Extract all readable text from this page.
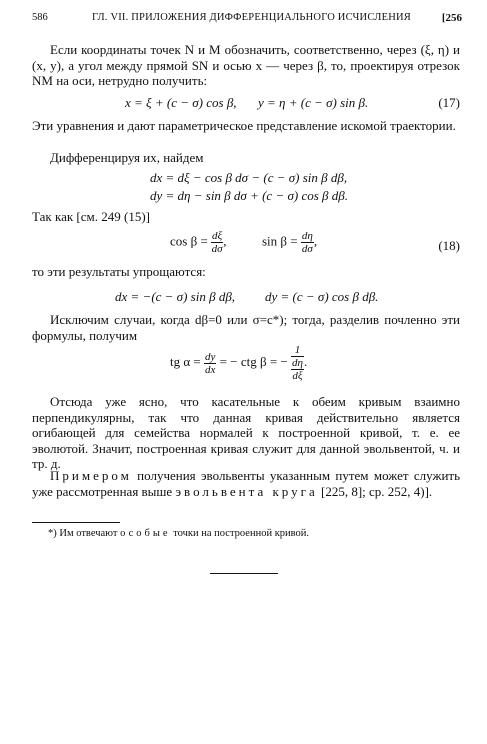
586	ГЛ. VII. ПРИЛОЖЕНИЯ ДИФФЕРЕНЦИАЛЬНОГО ИСЧИСЛЕНИЯ	[256

Если координаты точек N и M обозначить, соответственно, через (ξ, η) и (x, y), а угол между прямой SN и осью x — через β, то, проектируя отрезок NM на оси, нетрудно получить:

x = ξ + (c − σ) cos β, y = η + (c − σ) sin β.	(17)

Эти уравнения и дают параметрическое представление искомой траектории.

Дифференцируя их, найдем

dx = dξ − cos β dσ − (c − σ) sin β dβ,
dy = dη − sin β dσ + (c − σ) cos β dβ.

Так как [см. 249 (15)]

$\cos \beta = \frac{d\xi}{d\sigma}$ ,	$\sin \beta = \frac{d\eta}{d\sigma}$ ,	(18)

то эти результаты упрощаются:

dx = −(c − σ) sin β dβ, dy = (c − σ) cos β dβ.

Исключим случаи, когда dβ=0 или σ=c*); тогда, разделив почленно эти формулы, получим

tg $\alpha = \frac{dy}{dx}$ = − ctg β = − $\frac{1}{\frac{d\eta}{d\xi}}$ .

Отсюда уже ясно, что касательные к обеим кривым взаимно перпендикулярны, так что данная кривая действительно является огибающей для семейства нормалей к построенной кривой, т. е. ее эволютой. Значит, построенная кривая служит для данной эвольвентой, ч. и тр. д.

Примером получения эвольвенты указанным путем может служить уже рассмотренная выше эвольвента круга [225, 8]; ср. 252, 4)].

*) Им отвечают особые точки на построенной кривой.
